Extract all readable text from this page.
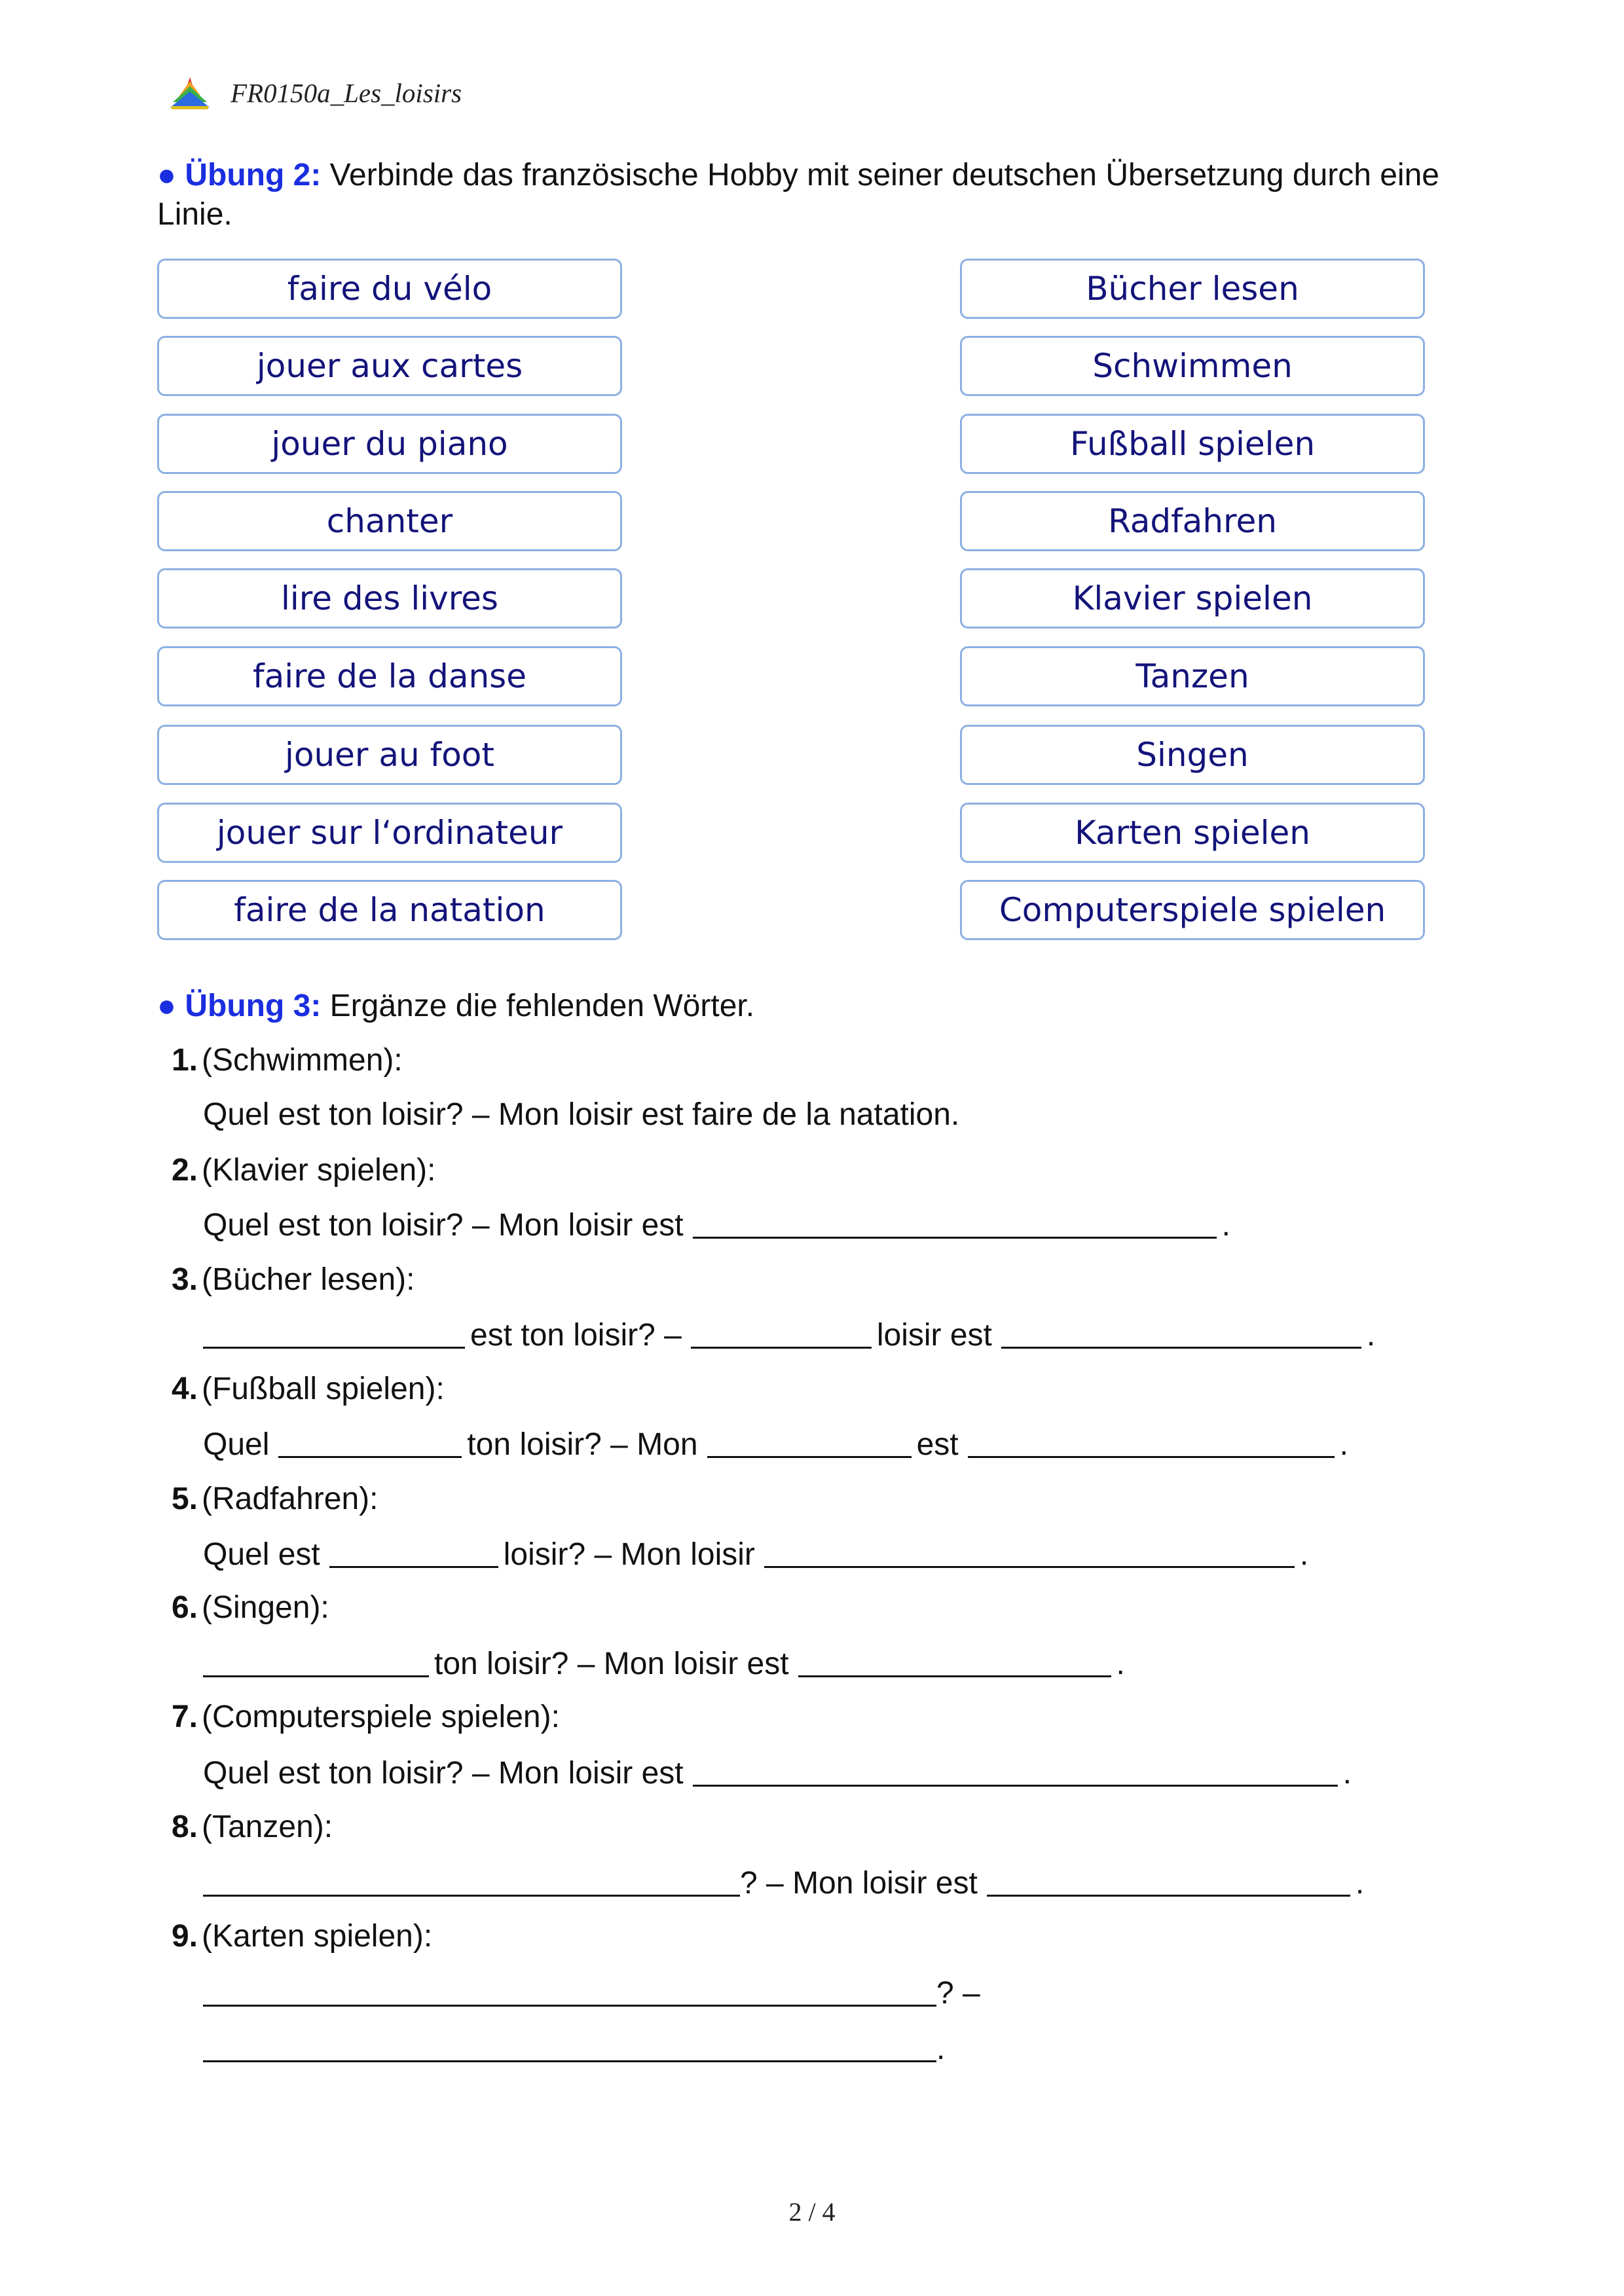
FR0150a_Les_loisirs
● Übung 2: Verbinde das französische Hobby mit seiner deutschen Übersetzung durch eine Linie.
faire du vélo
jouer aux cartes
jouer du piano
chanter
lire des livres
faire de la danse
jouer au foot
jouer sur l‘ordinateur
faire de la natation
Bücher lesen
Schwimmen
Fußball spielen
Radfahren
Klavier spielen
Tanzen
Singen
Karten spielen
Computerspiele spielen
● Übung 3: Ergänze die fehlenden Wörter.
1. (Schwimmen):
Quel est ton loisir? – Mon loisir est faire de la natation.
2. (Klavier spielen):
Quel est ton loisir? – Mon loisir est	.
3. (Bücher lesen):
est ton loisir? –	loisir est	.
4. (Fußball spielen):
Quel	ton loisir? – Mon	est	.
5. (Radfahren):
Quel est	loisir? – Mon loisir	.
6. (Singen):
ton loisir? – Mon loisir est	.
7. (Computerspiele spielen):
Quel est ton loisir? – Mon loisir est	.
8. (Tanzen):
? – Mon loisir est	.
9. (Karten spielen):
? –
.
2 / 4
